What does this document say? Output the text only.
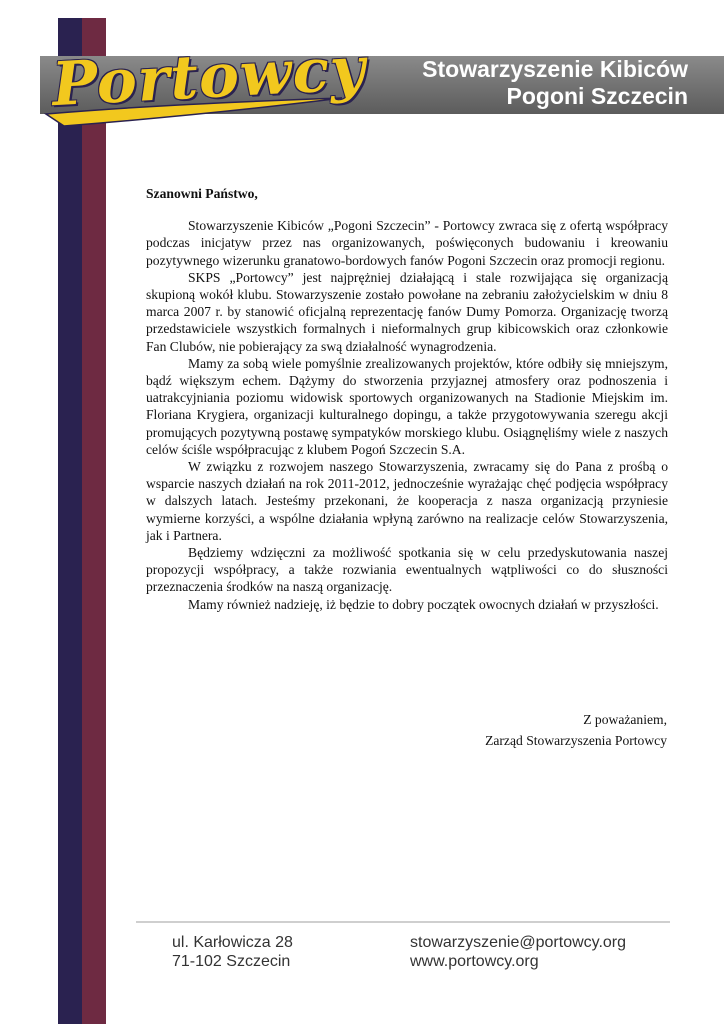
Stowarzyszenie Kibiców
Pogoni Szczecin
Portowcy

Szanowni Państwo,

Stowarzyszenie Kibiców „Pogoni Szczecin” - Portowcy zwraca się z ofertą współpracy podczas inicjatyw przez nas organizowanych, poświęconych budowaniu i kreowaniu pozytywnego wizerunku granatowo-bordowych fanów Pogoni Szczecin oraz promocji regionu.

SKPS „Portowcy” jest najprężniej działającą i stale rozwijająca się organizacją skupioną wokół klubu. Stowarzyszenie zostało powołane na zebraniu założycielskim w dniu 8 marca 2007 r. by stanowić oficjalną reprezentację fanów Dumy Pomorza. Organizację tworzą przedstawiciele wszystkich formalnych i nieformalnych grup kibicowskich oraz członkowie Fan Clubów, nie pobierający za swą działalność wynagrodzenia.

Mamy za sobą wiele pomyślnie zrealizowanych projektów, które odbiły się mniejszym, bądź większym echem. Dążymy do stworzenia przyjaznej atmosfery oraz podnoszenia i uatrakcyjniania poziomu widowisk sportowych organizowanych na Stadionie Miejskim im. Floriana Krygiera, organizacji kulturalnego dopingu, a także przygotowywania szeregu akcji promujących pozytywną postawę sympatyków morskiego klubu. Osiągnęliśmy wiele z naszych celów ściśle współpracując z klubem Pogoń Szczecin S.A.

W związku z rozwojem naszego Stowarzyszenia, zwracamy się do Pana z prośbą o wsparcie naszych działań na rok 2011-2012, jednocześnie wyrażając chęć podjęcia współpracy w dalszych latach. Jesteśmy przekonani, że kooperacja z nasza organizacją przyniesie wymierne korzyści, a wspólne działania wpłyną zarówno na realizacje celów Stowarzyszenia, jak i Partnera.

Będziemy wdzięczni za możliwość spotkania się w celu przedyskutowania naszej propozycji współpracy, a także rozwiania ewentualnych wątpliwości co do słuszności przeznaczenia środków na naszą organizację.

Mamy również nadzieję, iż będzie to dobry początek owocnych działań w przyszłości.

Z poważaniem,
Zarząd Stowarzyszenia Portowcy
ul. Karłowicza 28
71-102 Szczecin
stowarzyszenie@portowcy.org
www.portowcy.org
